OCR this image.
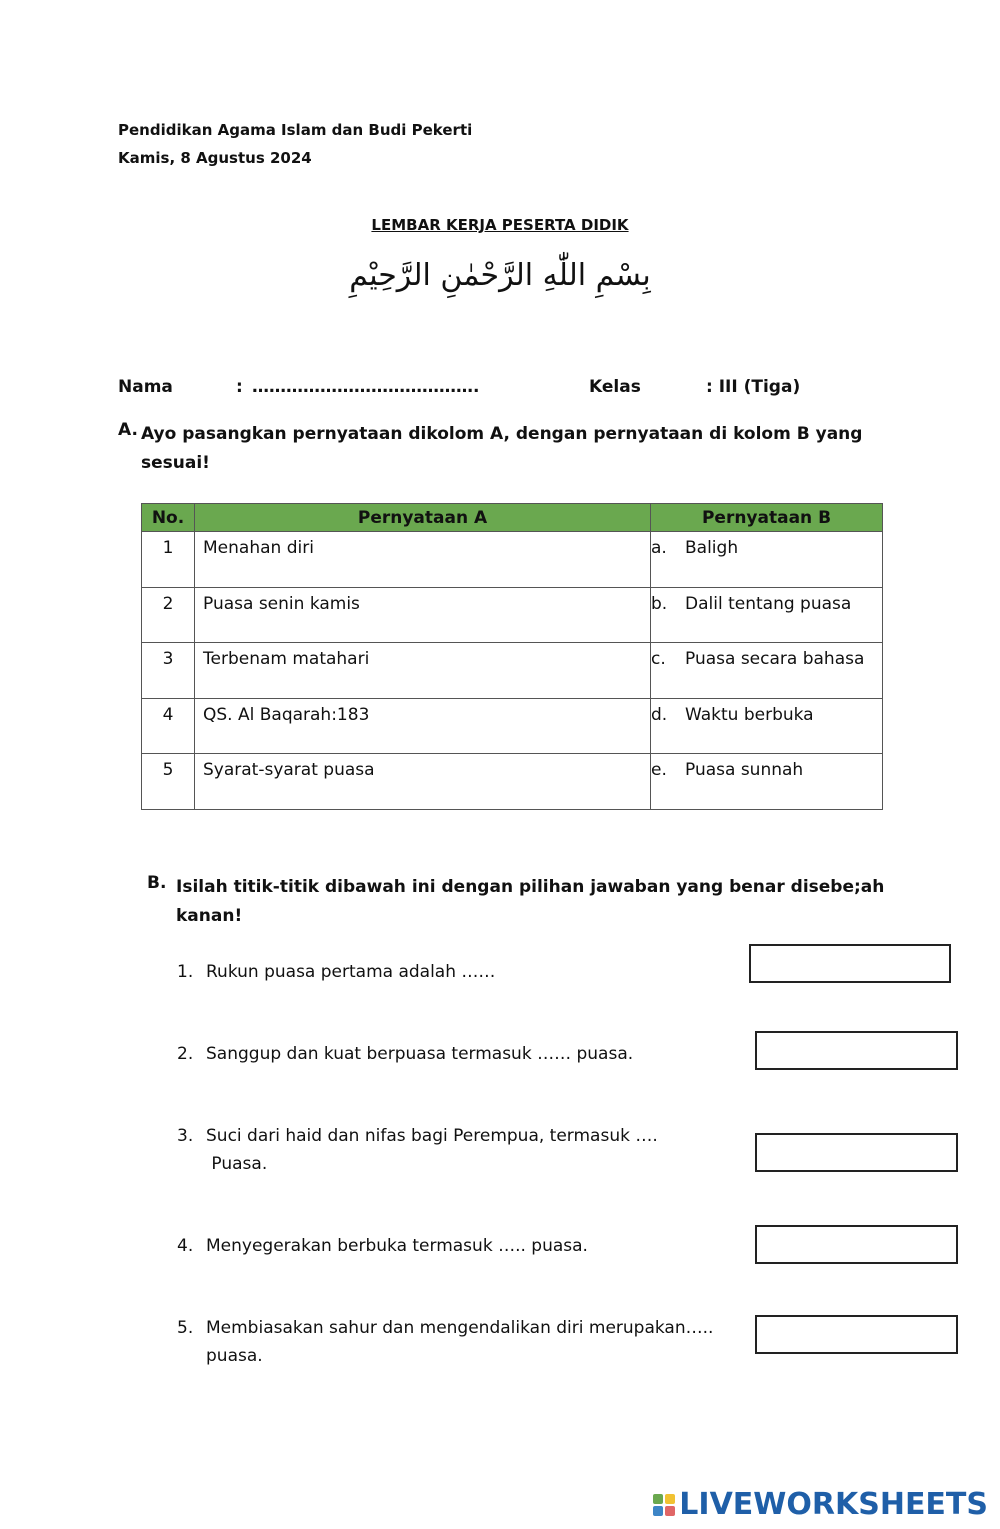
Pendidikan Agama Islam dan Budi Pekerti
Kamis, 8 Agustus 2024
LEMBAR KERJA PESERTA DIDIK
بِسْمِ اللّٰهِ الرَّحْمٰنِ الرَّحِيْمِ
Nama	: ………………………………….	Kelas	: III (Tiga)
A. Ayo pasangkan pernyataan dikolom A, dengan pernyataan di kolom B yang sesuai!
No.	Pernyataan A	Pernyataan B
1	Menahan diri	a. Baligh
2	Puasa senin kamis	b. Dalil tentang puasa
3	Terbenam matahari	c. Puasa secara bahasa
4	QS. Al Baqarah:183	d. Waktu berbuka
5	Syarat-syarat puasa	e. Puasa sunnah
B. Isilah titik-titik dibawah ini dengan pilihan jawaban yang benar disebe;ah kanan!
1. Rukun puasa pertama adalah ……
2. Sanggup dan kuat berpuasa termasuk …… puasa.
3. Suci dari haid dan nifas bagi Perempua, termasuk ….
Puasa.
4. Menyegerakan berbuka termasuk ….. puasa.
5. Membiasakan sahur dan mengendalikan diri merupakan…..
puasa.
LIVEWORKSHEETS
